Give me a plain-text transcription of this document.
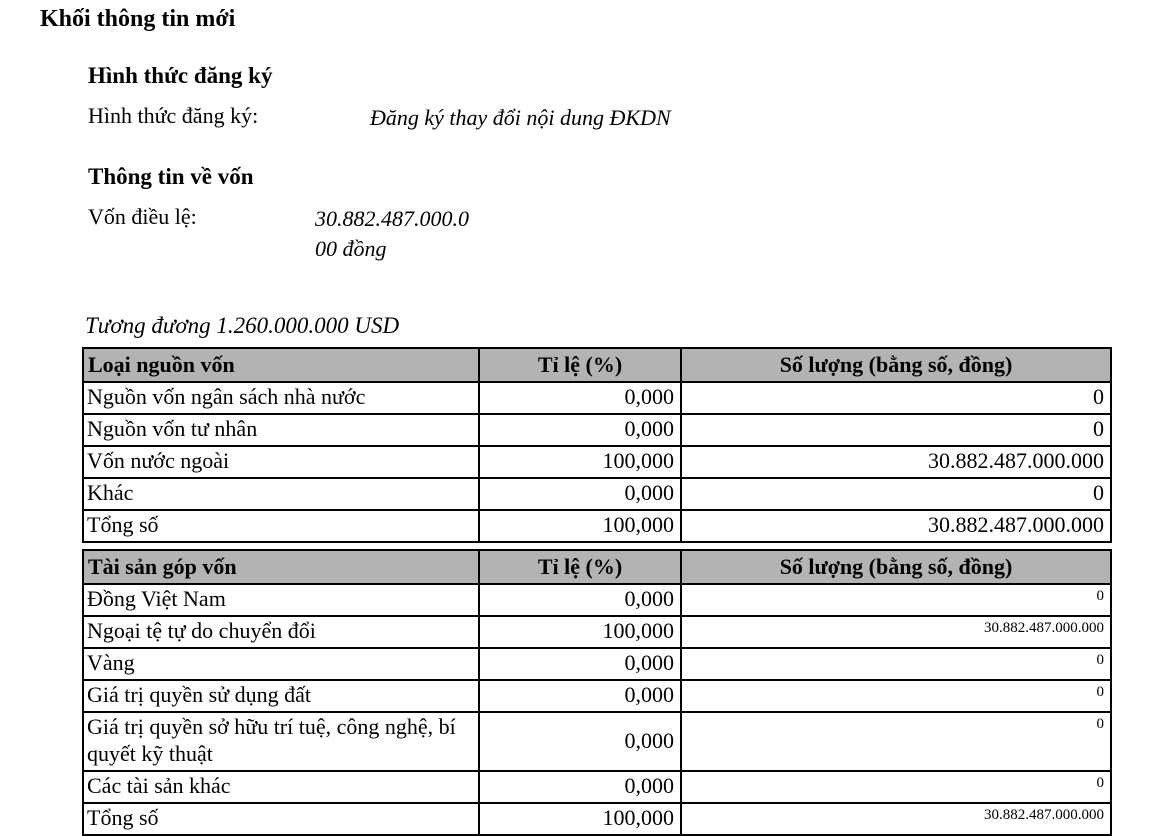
Khối thông tin mới
Hình thức đăng ký
Hình thức đăng ký:	Đăng ký thay đổi nội dung ĐKDN
Thông tin về vốn
Vốn điều lệ:	30.882.487.000.0
00 đồng
Tương đương 1.260.000.000 USD
Loại nguồn vốn	Tỉ lệ (%)	Số lượng (bằng số, đồng)
Nguồn vốn ngân sách nhà nước	0,000	0
Nguồn vốn tư nhân	0,000	0
Vốn nước ngoài	100,000	30.882.487.000.000
Khác	0,000	0
Tổng số	100,000	30.882.487.000.000
Tài sản góp vốn	Tỉ lệ (%)	Số lượng (bằng số, đồng)
Đồng Việt Nam	0,000	0
Ngoại tệ tự do chuyển đổi	100,000	30.882.487.000.000
Vàng	0,000	0
Giá trị quyền sử dụng đất	0,000	0
Giá trị quyền sở hữu trí tuệ, công nghệ, bí quyết kỹ thuật	0,000	0
Các tài sản khác	0,000	0
Tổng số	100,000	30.882.487.000.000
